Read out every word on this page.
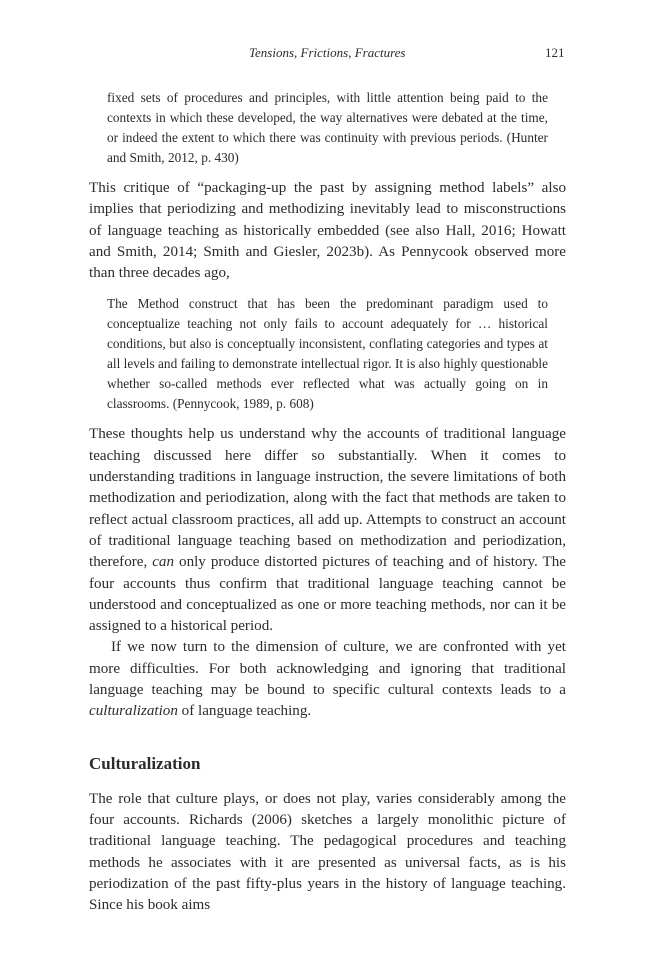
Tensions, Frictions, Fractures	121

fixed sets of procedures and principles, with little attention being paid to the contexts in which these developed, the way alternatives were debated at the time, or indeed the extent to which there was continuity with previous periods. (Hunter and Smith, 2012, p. 430)

This critique of “packaging-up the past by assigning method labels” also implies that periodizing and methodizing inevitably lead to misconstructions of language teaching as historically embedded (see also Hall, 2016; Howatt and Smith, 2014; Smith and Giesler, 2023b). As Pennycook observed more than three decades ago,

The Method construct that has been the predominant paradigm used to conceptualize teaching not only fails to account adequately for … historical conditions, but also is conceptually inconsistent, conflating categories and types at all levels and failing to demonstrate intellectual rigor. It is also highly questionable whether so-called methods ever reflected what was actually going on in classrooms. (Pennycook, 1989, p. 608)

These thoughts help us understand why the accounts of traditional language teaching discussed here differ so substantially. When it comes to understanding traditions in language instruction, the severe limitations of both methodization and periodization, along with the fact that methods are taken to reflect actual classroom practices, all add up. Attempts to construct an account of traditional language teaching based on methodization and periodization, therefore, can only produce distorted pictures of teaching and of history. The four accounts thus confirm that traditional language teaching cannot be understood and conceptualized as one or more teaching methods, nor can it be assigned to a historical period.

If we now turn to the dimension of culture, we are confronted with yet more difficulties. For both acknowledging and ignoring that traditional language teaching may be bound to specific cultural contexts leads to a culturalization of language teaching.

Culturalization

The role that culture plays, or does not play, varies considerably among the four accounts. Richards (2006) sketches a largely monolithic picture of traditional language teaching. The pedagogical procedures and teaching methods he associates with it are presented as universal facts, as is his periodization of the past fifty-plus years in the history of language teaching. Since his book aims
